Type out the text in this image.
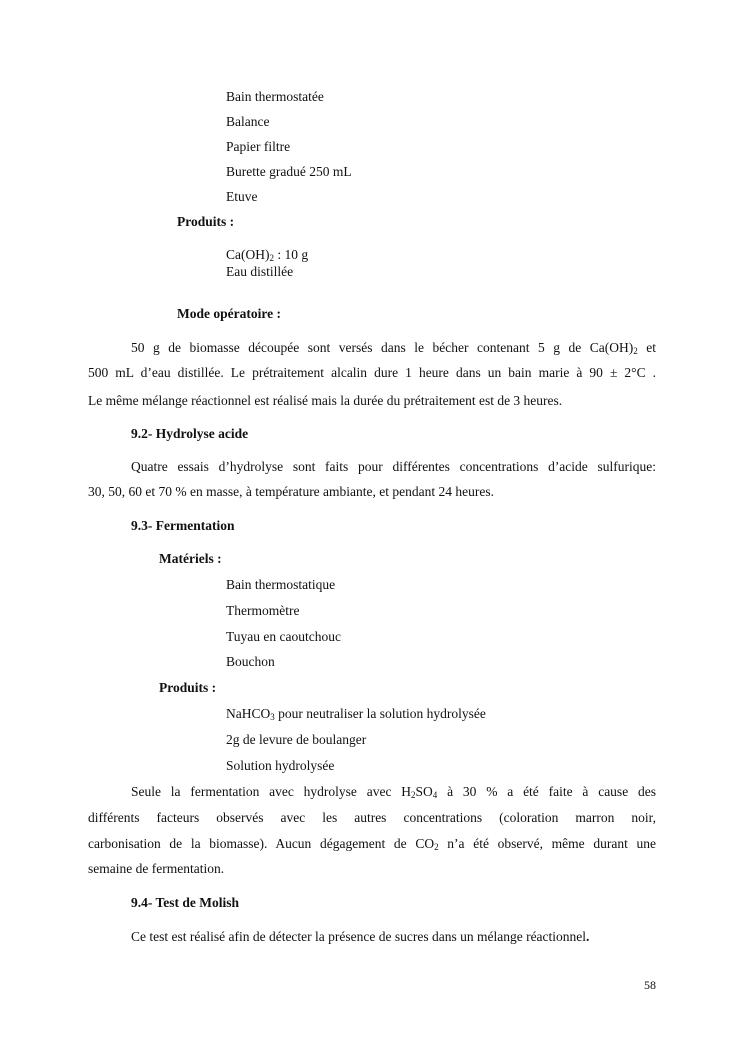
Bain thermostatée
Balance
Papier filtre
Burette gradué 250 mL
Etuve
Produits :
$Ca(OH)_2$ : 10 g
Eau distillée
Mode opératoire :
50 g de biomasse découpée sont versés dans le bécher contenant 5 g de $Ca(OH)_2$ et
500 mL d’eau distillée. Le prétraitement alcalin dure 1 heure dans un bain marie à 90 ± 2°C .
Le même mélange réactionnel est réalisé mais la durée du prétraitement est de 3 heures.
9.2- Hydrolyse acide
Quatre essais d’hydrolyse sont faits pour différentes concentrations d’acide sulfurique:
30, 50, 60 et 70 % en masse, à température ambiante, et pendant 24 heures.
9.3- Fermentation
Matériels :
Bain thermostatique
Thermomètre
Tuyau en caoutchouc
Bouchon
Produits :
NaHCO$_3$ pour neutraliser la solution hydrolysée
2g de levure de boulanger
Solution hydrolysée
Seule la fermentation avec hydrolyse avec $H_2SO_4$ à 30 % a été faite à cause des
différents facteurs observés avec les autres concentrations (coloration marron noir,
carbonisation de la biomasse). Aucun dégagement de $CO_2$ n’a été observé, même durant une
semaine de fermentation.
9.4- Test de Molish
Ce test est réalisé afin de détecter la présence de sucres dans un mélange réactionnel.
58
